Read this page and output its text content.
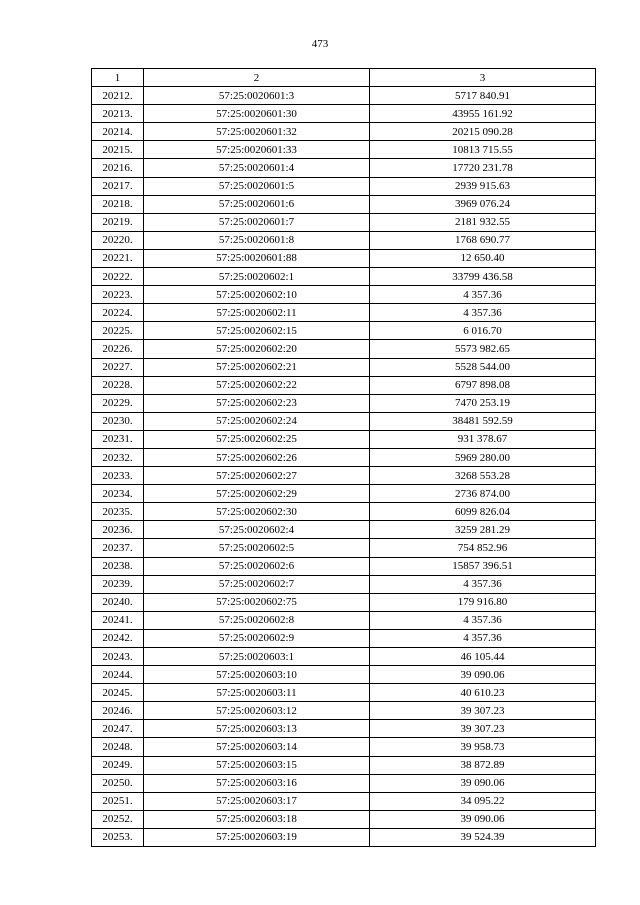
473
1	2	3
20212.	57:25:0020601:3	5717 840.91
20213.	57:25:0020601:30	43955 161.92
20214.	57:25:0020601:32	20215 090.28
20215.	57:25:0020601:33	10813 715.55
20216.	57:25:0020601:4	17720 231.78
20217.	57:25:0020601:5	2939 915.63
20218.	57:25:0020601:6	3969 076.24
20219.	57:25:0020601:7	2181 932.55
20220.	57:25:0020601:8	1768 690.77
20221.	57:25:0020601:88	12 650.40
20222.	57:25:0020602:1	33799 436.58
20223.	57:25:0020602:10	4 357.36
20224.	57:25:0020602:11	4 357.36
20225.	57:25:0020602:15	6 016.70
20226.	57:25:0020602:20	5573 982.65
20227.	57:25:0020602:21	5528 544.00
20228.	57:25:0020602:22	6797 898.08
20229.	57:25:0020602:23	7470 253.19
20230.	57:25:0020602:24	38481 592.59
20231.	57:25:0020602:25	931 378.67
20232.	57:25:0020602:26	5969 280.00
20233.	57:25:0020602:27	3268 553.28
20234.	57:25:0020602:29	2736 874.00
20235.	57:25:0020602:30	6099 826.04
20236.	57:25:0020602:4	3259 281.29
20237.	57:25:0020602:5	754 852.96
20238.	57:25:0020602:6	15857 396.51
20239.	57:25:0020602:7	4 357.36
20240.	57:25:0020602:75	179 916.80
20241.	57:25:0020602:8	4 357.36
20242.	57:25:0020602:9	4 357.36
20243.	57:25:0020603:1	46 105.44
20244.	57:25:0020603:10	39 090.06
20245.	57:25:0020603:11	40 610.23
20246.	57:25:0020603:12	39 307.23
20247.	57:25:0020603:13	39 307.23
20248.	57:25:0020603:14	39 958.73
20249.	57:25:0020603:15	38 872.89
20250.	57:25:0020603:16	39 090.06
20251.	57:25:0020603:17	34 095.22
20252.	57:25:0020603:18	39 090.06
20253.	57:25:0020603:19	39 524.39
